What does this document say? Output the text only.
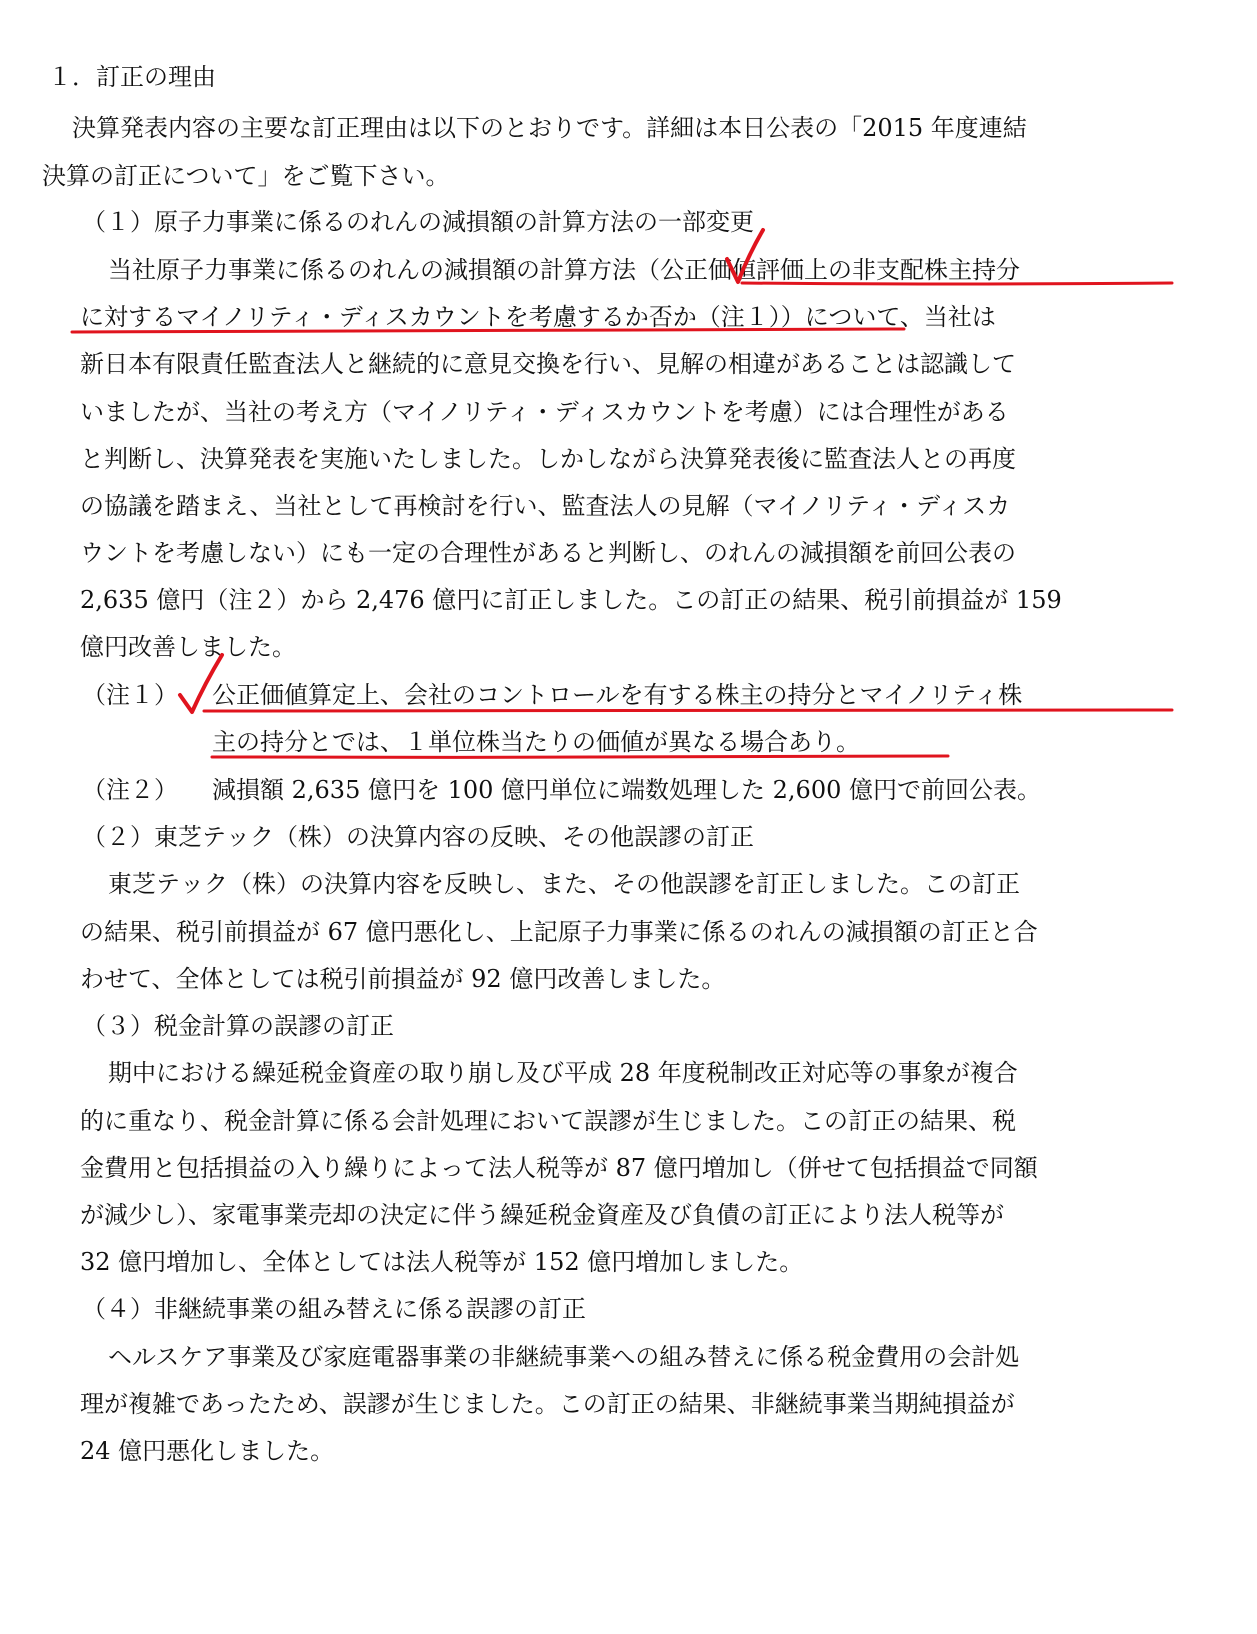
１．訂正の理由
決算発表内容の主要な訂正理由は以下のとおりです。詳細は本日公表の「2015 年度連結
決算の訂正について」をご覧下さい。
（１）原子力事業に係るのれんの減損額の計算方法の一部変更
当社原子力事業に係るのれんの減損額の計算方法（公正価値評価上の非支配株主持分
に対するマイノリティ・ディスカウントを考慮するか否か（注１））について、当社は
新日本有限責任監査法人と継続的に意見交換を行い、見解の相違があることは認識して
いましたが、当社の考え方（マイノリティ・ディスカウントを考慮）には合理性がある
と判断し、決算発表を実施いたしました。しかしながら決算発表後に監査法人との再度
の協議を踏まえ、当社として再検討を行い、監査法人の見解（マイノリティ・ディスカ
ウントを考慮しない）にも一定の合理性があると判断し、のれんの減損額を前回公表の
2,635 億円（注２）から 2,476 億円に訂正しました。この訂正の結果、税引前損益が 159
億円改善しました。
（注１） 公正価値算定上、会社のコントロールを有する株主の持分とマイノリティ株
主の持分とでは、１単位株当たりの価値が異なる場合あり。
（注２） 減損額 2,635 億円を 100 億円単位に端数処理した 2,600 億円で前回公表。
（２）東芝テック（株）の決算内容の反映、その他誤謬の訂正
東芝テック（株）の決算内容を反映し、また、その他誤謬を訂正しました。この訂正
の結果、税引前損益が 67 億円悪化し、上記原子力事業に係るのれんの減損額の訂正と合
わせて、全体としては税引前損益が 92 億円改善しました。
（３）税金計算の誤謬の訂正
期中における繰延税金資産の取り崩し及び平成 28 年度税制改正対応等の事象が複合
的に重なり、税金計算に係る会計処理において誤謬が生じました。この訂正の結果、税
金費用と包括損益の入り繰りによって法人税等が 87 億円増加し（併せて包括損益で同額
が減少し）、家電事業売却の決定に伴う繰延税金資産及び負債の訂正により法人税等が
32 億円増加し、全体としては法人税等が 152 億円増加しました。
（４）非継続事業の組み替えに係る誤謬の訂正
ヘルスケア事業及び家庭電器事業の非継続事業への組み替えに係る税金費用の会計処
理が複雑であったため、誤謬が生じました。この訂正の結果、非継続事業当期純損益が
24 億円悪化しました。
